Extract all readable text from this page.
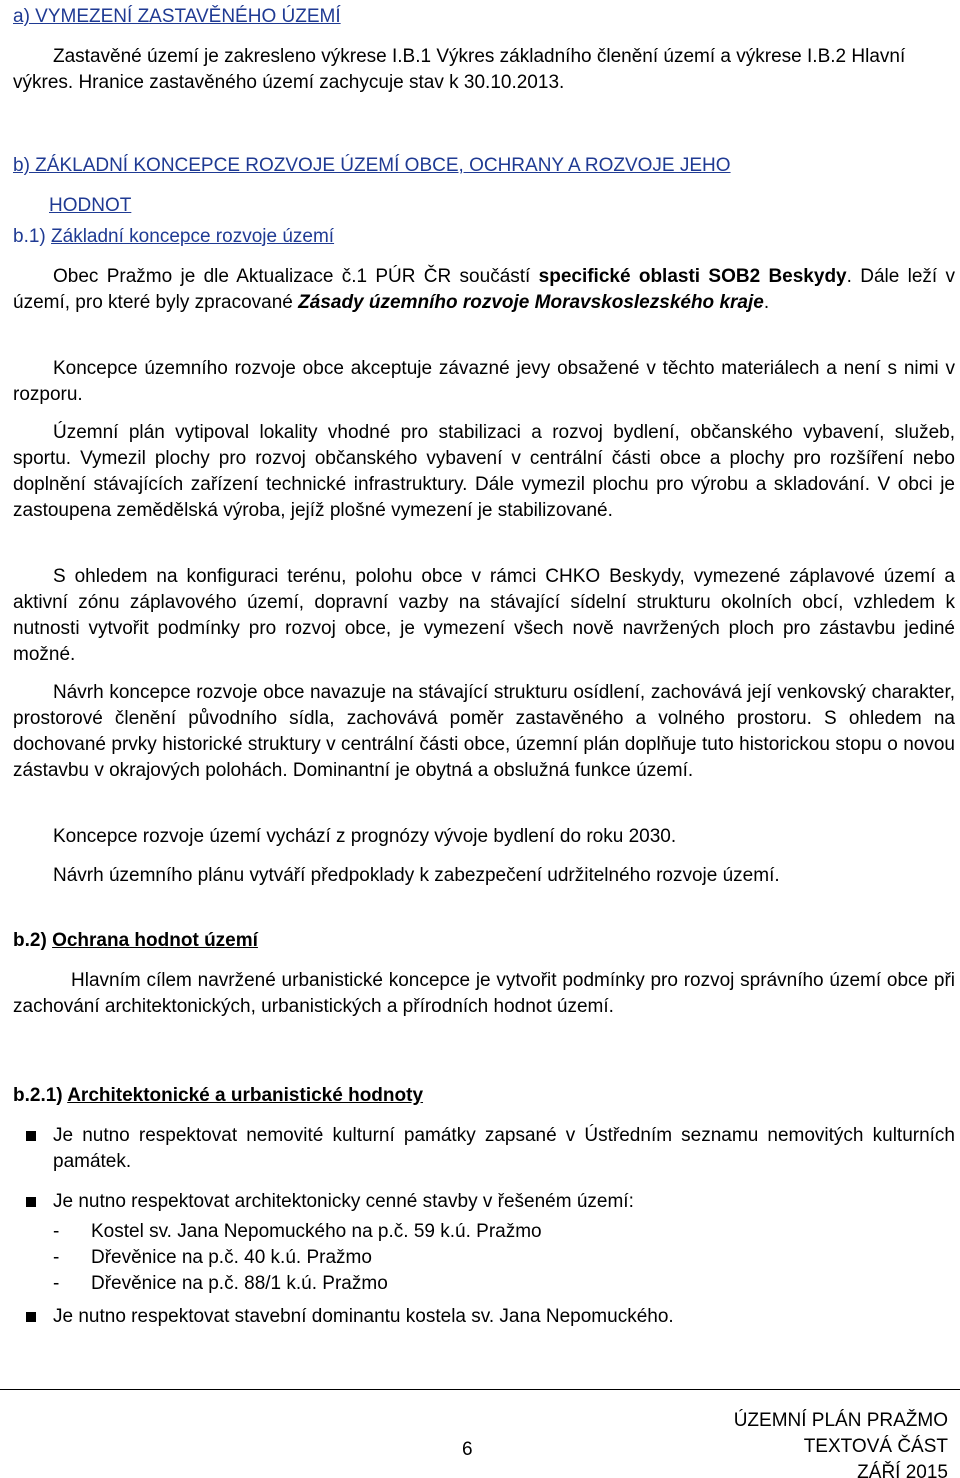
a) VYMEZENÍ ZASTAVĚNÉHO ÚZEMÍ
Zastavěné území je zakresleno výkrese I.B.1 Výkres základního členění území a výkrese I.B.2 Hlavní výkres. Hranice zastavěného území zachycuje stav k 30.10.2013.
b) ZÁKLADNÍ KONCEPCE ROZVOJE ÚZEMÍ OBCE, OCHRANY A ROZVOJE JEHO
HODNOT
b.1) Základní koncepce rozvoje území
Obec Pražmo je dle Aktualizace č.1 PÚR ČR součástí specifické oblasti SOB2 Beskydy. Dále leží v území, pro které byly zpracované Zásady územního rozvoje Moravskoslezského kraje.
Koncepce územního rozvoje obce akceptuje závazné jevy obsažené v těchto materiálech a není s nimi v rozporu.
Územní plán vytipoval lokality vhodné pro stabilizaci a rozvoj bydlení, občanského vybavení, služeb, sportu. Vymezil plochy pro rozvoj občanského vybavení v centrální části obce a plochy pro rozšíření nebo doplnění stávajících zařízení technické infrastruktury. Dále vymezil plochu pro výrobu a skladování. V obci je zastoupena zemědělská výroba, jejíž plošné vymezení je stabilizované.
S ohledem na konfiguraci terénu, polohu obce v rámci CHKO Beskydy, vymezené záplavové území a aktivní zónu záplavového území, dopravní vazby na stávající sídelní strukturu okolních obcí, vzhledem k nutnosti vytvořit podmínky pro rozvoj obce, je vymezení všech nově navržených ploch pro zástavbu jediné možné.
Návrh koncepce rozvoje obce navazuje na stávající strukturu osídlení, zachovává její venkovský charakter, prostorové členění původního sídla, zachovává poměr zastavěného a volného prostoru. S ohledem na dochované prvky historické struktury v centrální části obce, územní plán doplňuje tuto historickou stopu o novou zástavbu v okrajových polohách. Dominantní je obytná a obslužná funkce území.
Koncepce rozvoje území vychází z prognózy vývoje bydlení do roku 2030.
Návrh územního plánu vytváří předpoklady k zabezpečení udržitelného rozvoje území.
b.2) Ochrana hodnot území
Hlavním cílem navržené urbanistické koncepce je vytvořit podmínky pro rozvoj správního území obce při zachování architektonických, urbanistických a přírodních hodnot území.
b.2.1) Architektonické a urbanistické hodnoty
Je nutno respektovat nemovité kulturní památky zapsané v Ústředním seznamu nemovitých kulturních památek.
Je nutno respektovat architektonicky cenné stavby v řešeném území:
- Kostel sv. Jana Nepomuckého na p.č. 59 k.ú. Pražmo
- Dřevěnice na p.č. 40 k.ú. Pražmo
- Dřevěnice na p.č. 88/1 k.ú. Pražmo
Je nutno respektovat stavební dominantu kostela sv. Jana Nepomuckého.
6
ÚZEMNÍ PLÁN PRAŽMO
TEXTOVÁ ČÁST
ZÁŘÍ 2015
